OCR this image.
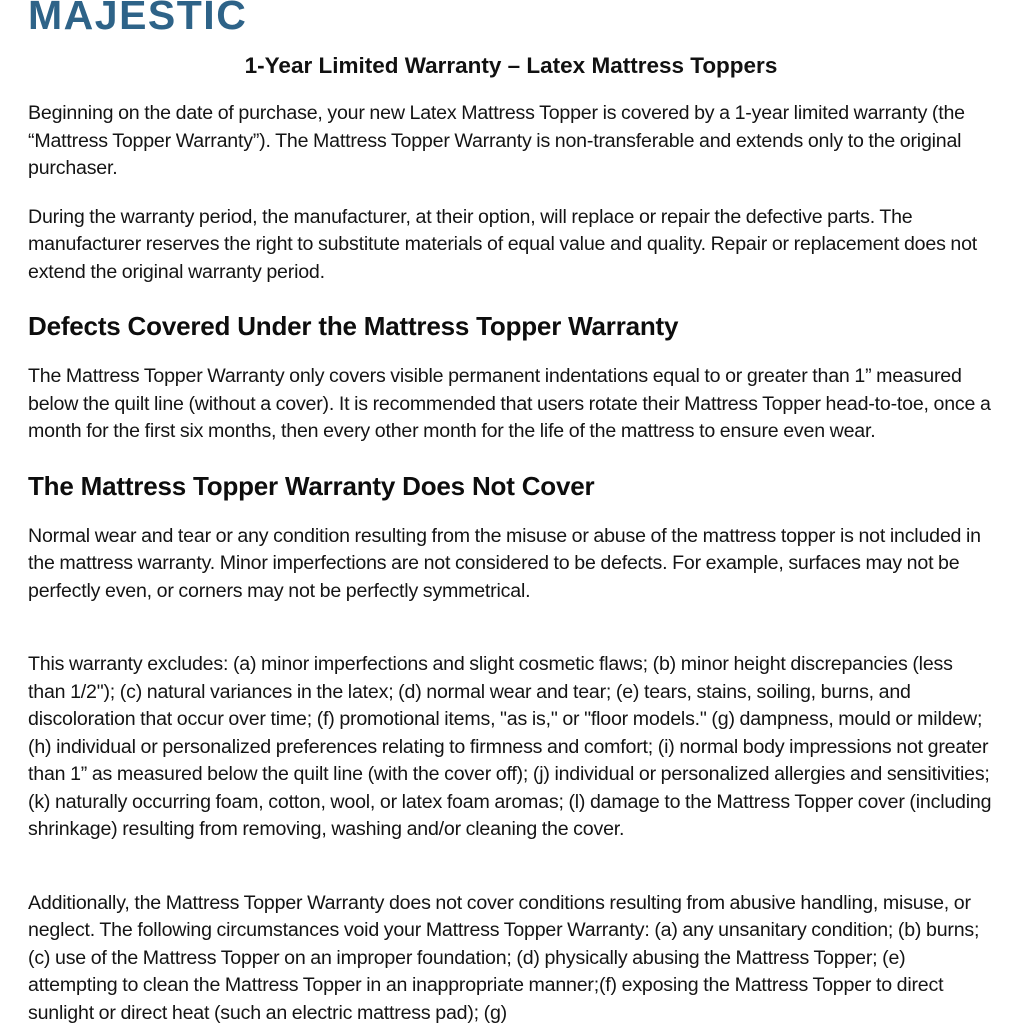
MAJESTIC
1-Year Limited Warranty – Latex Mattress Toppers

Beginning on the date of purchase, your new Latex Mattress Topper is covered by a 1-year limited warranty (the “Mattress Topper Warranty”). The Mattress Topper Warranty is non-transferable and extends only to the original purchaser.

During the warranty period, the manufacturer, at their option, will replace or repair the defective parts. The manufacturer reserves the right to substitute materials of equal value and quality. Repair or replacement does not extend the original warranty period.

Defects Covered Under the Mattress Topper Warranty

The Mattress Topper Warranty only covers visible permanent indentations equal to or greater than 1” measured below the quilt line (without a cover). It is recommended that users rotate their Mattress Topper head-to-toe, once a month for the first six months, then every other month for the life of the mattress to ensure even wear.

The Mattress Topper Warranty Does Not Cover

Normal wear and tear or any condition resulting from the misuse or abuse of the mattress topper is not included in the mattress warranty. Minor imperfections are not considered to be defects. For example, surfaces may not be perfectly even, or corners may not be perfectly symmetrical.

This warranty excludes: (a) minor imperfections and slight cosmetic flaws; (b) minor height discrepancies (less than 1/2"); (c) natural variances in the latex; (d) normal wear and tear; (e) tears, stains, soiling, burns, and discoloration that occur over time; (f) promotional items, "as is," or "floor models." (g) dampness, mould or mildew; (h) individual or personalized preferences relating to firmness and comfort; (i) normal body impressions not greater than 1” as measured below the quilt line (with the cover off); (j) individual or personalized allergies and sensitivities; (k) naturally occurring foam, cotton, wool, or latex foam aromas; (l) damage to the Mattress Topper cover (including shrinkage) resulting from removing, washing and/or cleaning the cover.

Additionally, the Mattress Topper Warranty does not cover conditions resulting from abusive handling, misuse, or neglect. The following circumstances void your Mattress Topper Warranty: (a) any unsanitary condition; (b) burns; (c) use of the Mattress Topper on an improper foundation; (d) physically abusing the Mattress Topper; (e) attempting to clean the Mattress Topper in an inappropriate manner;(f) exposing the Mattress Topper to direct sunlight or direct heat (such an electric mattress pad); (g)
